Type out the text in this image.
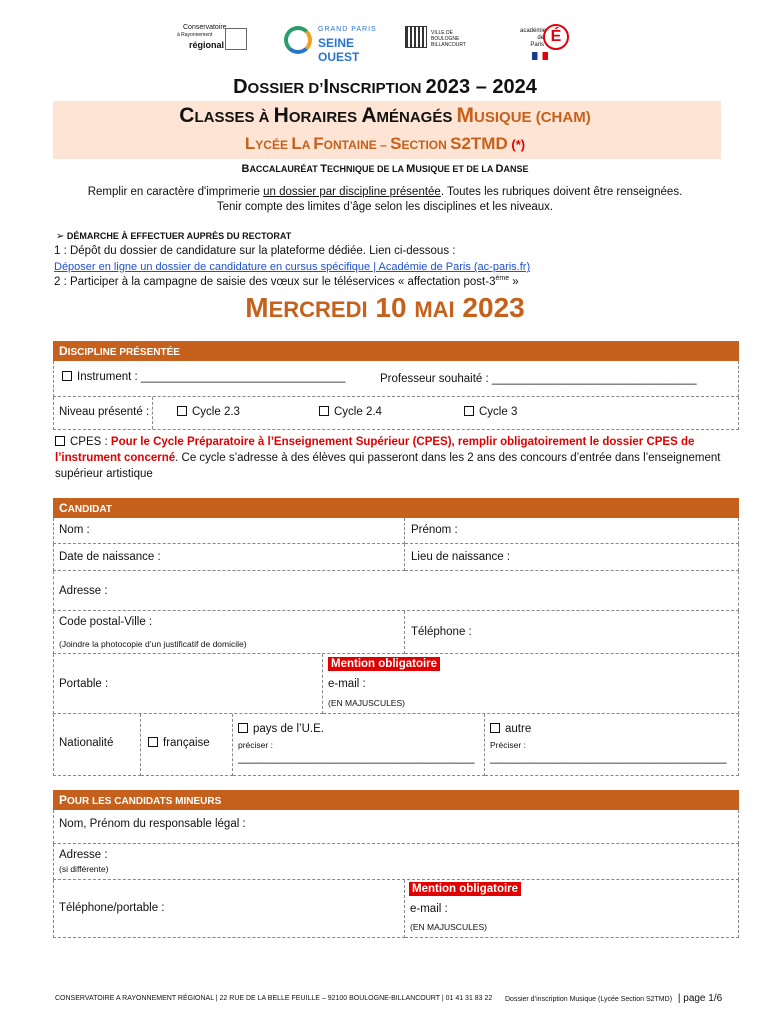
Conservatoire
à Rayonnement
régional
GRAND PARIS
SEINE OUEST
VILLE DE
BOULOGNE
BILLANCOURT
académie
de
Paris É
DOSSIER D’INSCRIPTION 2023 – 2024
CLASSES À HORAIRES AMÉNAGÉS MUSIQUE (CHAM)
LYCÉE LA FONTAINE – SECTION S2TMD (*)
BACCALAURÉAT TECHNIQUE DE LA MUSIQUE ET DE LA DANSE
Remplir en caractère d'imprimerie un dossier par discipline présentée. Toutes les rubriques doivent être renseignées.
Tenir compte des limites d’âge selon les disciplines et les niveaux.
➢ DÉMARCHE À EFFECTUER AUPRÈS DU RECTORAT
1 : Dépôt du dossier de candidature sur la plateforme dédiée. Lien ci-dessous :
Déposer en ligne un dossier de candidature en cursus spécifique | Académie de Paris (ac-paris.fr)
2 : Participer à la campagne de saisie des vœux sur le téléservices « affectation post-3ème »
MERCREDI 10 MAI 2023
DISCIPLINE PRÉSENTÉE
Instrument : ________________________________	Professeur souhaité : ________________________________
Niveau présenté :	Cycle 2.3	Cycle 2.4	Cycle 3
CPES : Pour le Cycle Préparatoire à l’Enseignement Supérieur (CPES), remplir obligatoirement le dossier CPES de l’instrument concerné. Ce cycle s’adresse à des élèves qui passeront dans les 2 ans des concours d’entrée dans l’enseignement supérieur artistique
CANDIDAT
Nom :	Prénom :
Date de naissance :	Lieu de naissance :
Adresse :
Code postal-Ville :
(Joindre la photocopie d’un justificatif de domicile)
Téléphone :
Portable :
Mention obligatoire
e-mail :
(EN MAJUSCULES)
Nationalité	française
pays de l’U.E.
préciser :
_____________________________________
autre
Préciser :
_____________________________________
POUR LES CANDIDATS MINEURS
Nom, Prénom du responsable légal :
Adresse :
(si différente)
Téléphone/portable :
Mention obligatoire
e-mail :
(EN MAJUSCULES)
CONSERVATOIRE A RAYONNEMENT RÉGIONAL | 22 RUE DE LA BELLE FEUILLE – 92100 BOULOGNE-BILLANCOURT | 01 41 31 83 22 Dossier d’inscription Musique (Lycée Section S2TMD) | page 1/6
